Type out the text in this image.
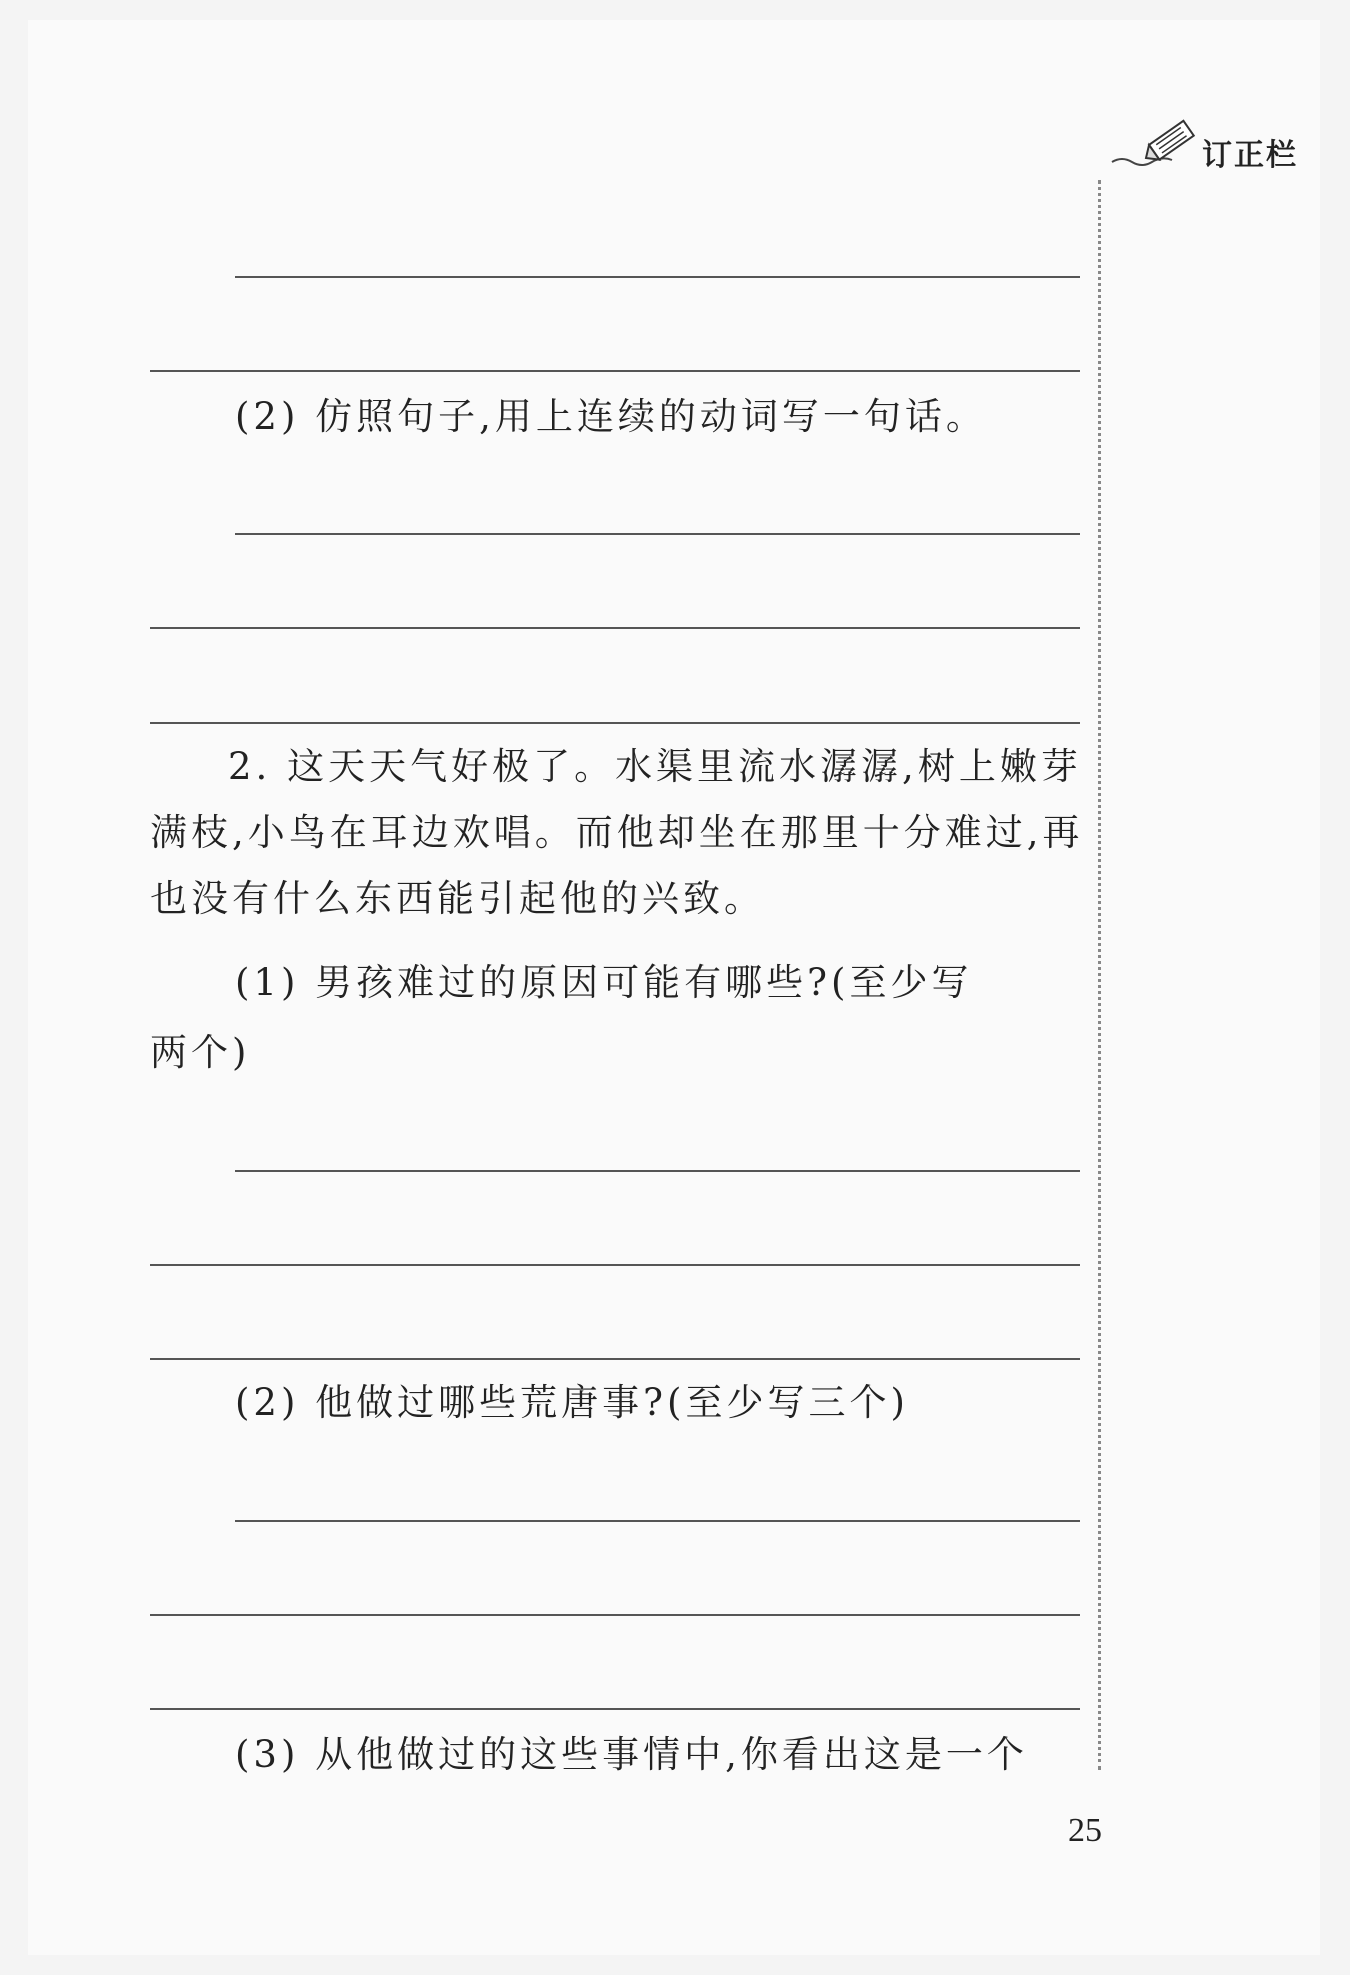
订正栏
(2) 仿照句子,用上连续的动词写一句话。
2. 这天天气好极了。水渠里流水潺潺,树上嫩芽
满枝,小鸟在耳边欢唱。而他却坐在那里十分难过,再
也没有什么东西能引起他的兴致。
(1) 男孩难过的原因可能有哪些?(至少写
两个)
(2) 他做过哪些荒唐事?(至少写三个)
(3) 从他做过的这些事情中,你看出这是一个
25
